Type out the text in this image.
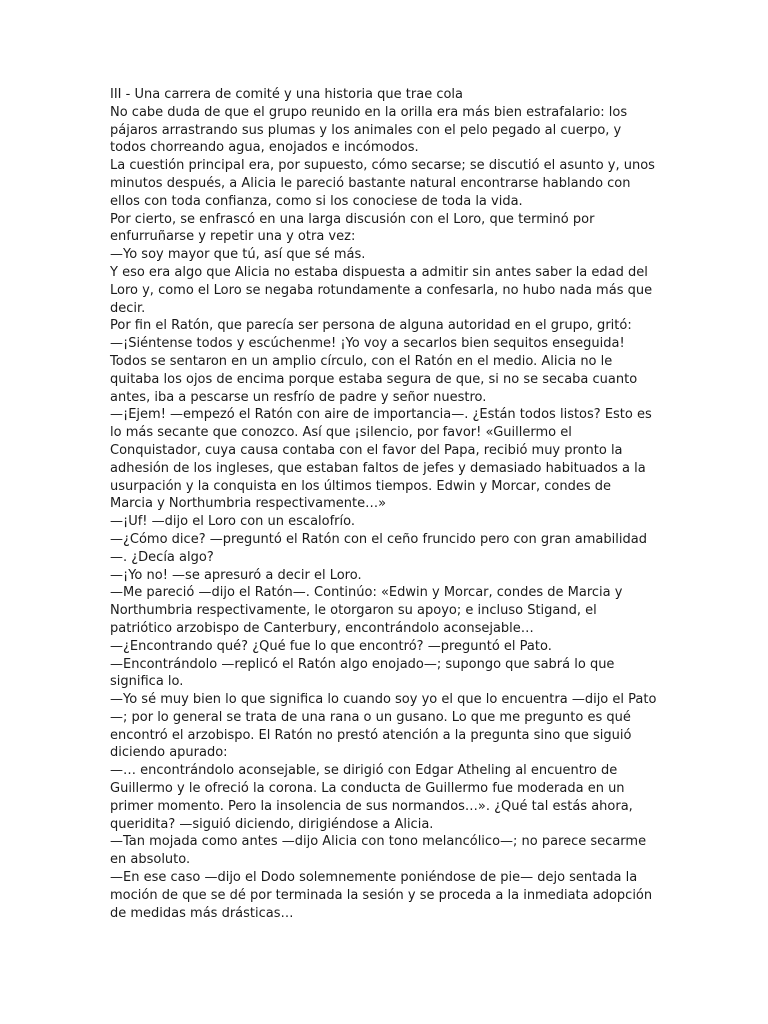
III - Una carrera de comité y una historia que trae cola

No cabe duda de que el grupo reunido en la orilla era más bien estrafalario: los pájaros arrastrando sus plumas y los animales con el pelo pegado al cuerpo, y todos chorreando agua, enojados e incómodos.

La cuestión principal era, por supuesto, cómo secarse; se discutió el asunto y, unos minutos después, a Alicia le pareció bastante natural encontrarse hablando con ellos con toda confianza, como si los conociese de toda la vida.

Por cierto, se enfrascó en una larga discusión con el Loro, que terminó por enfurruñarse y repetir una y otra vez:

—Yo soy mayor que tú, así que sé más.

Y eso era algo que Alicia no estaba dispuesta a admitir sin antes saber la edad del Loro y, como el Loro se negaba rotundamente a confesarla, no hubo nada más que decir.

Por fin el Ratón, que parecía ser persona de alguna autoridad en el grupo, gritó:

—¡Siéntense todos y escúchenme! ¡Yo voy a secarlos bien sequitos enseguida!

Todos se sentaron en un amplio círculo, con el Ratón en el medio. Alicia no le quitaba los ojos de encima porque estaba segura de que, si no se secaba cuanto antes, iba a pescarse un resfrío de padre y señor nuestro.

—¡Ejem! —empezó el Ratón con aire de importancia—. ¿Están todos listos? Esto es lo más secante que conozco. Así que ¡silencio, por favor! «Guillermo el Conquistador, cuya causa contaba con el favor del Papa, recibió muy pronto la adhesión de los ingleses, que estaban faltos de jefes y demasiado habituados a la usurpación y la conquista en los últimos tiempos. Edwin y Morcar, condes de Marcia y Northumbria respectivamente…»

—¡Uf! —dijo el Loro con un escalofrío.

—¿Cómo dice? —preguntó el Ratón con el ceño fruncido pero con gran amabilidad—. ¿Decía algo?

—¡Yo no! —se apresuró a decir el Loro.

—Me pareció —dijo el Ratón—. Continúo: «Edwin y Morcar, condes de Marcia y Northumbria respectivamente, le otorgaron su apoyo; e incluso Stigand, el patriótico arzobispo de Canterbury, encontrándolo aconsejable…

—¿Encontrando qué? ¿Qué fue lo que encontró? —preguntó el Pato.

—Encontrándolo —replicó el Ratón algo enojado—; supongo que sabrá lo que significa lo.

—Yo sé muy bien lo que significa lo cuando soy yo el que lo encuentra —dijo el Pato—; por lo general se trata de una rana o un gusano. Lo que me pregunto es qué encontró el arzobispo. El Ratón no prestó atención a la pregunta sino que siguió diciendo apurado:

—… encontrándolo aconsejable, se dirigió con Edgar Atheling al encuentro de Guillermo y le ofreció la corona. La conducta de Guillermo fue moderada en un primer momento. Pero la insolencia de sus normandos…». ¿Qué tal estás ahora, queridita? —siguió diciendo, dirigiéndose a Alicia.

—Tan mojada como antes —dijo Alicia con tono melancólico—; no parece secarme en absoluto.

—En ese caso —dijo el Dodo solemnemente poniéndose de pie— dejo sentada la moción de que se dé por terminada la sesión y se proceda a la inmediata adopción de medidas más drásticas…
